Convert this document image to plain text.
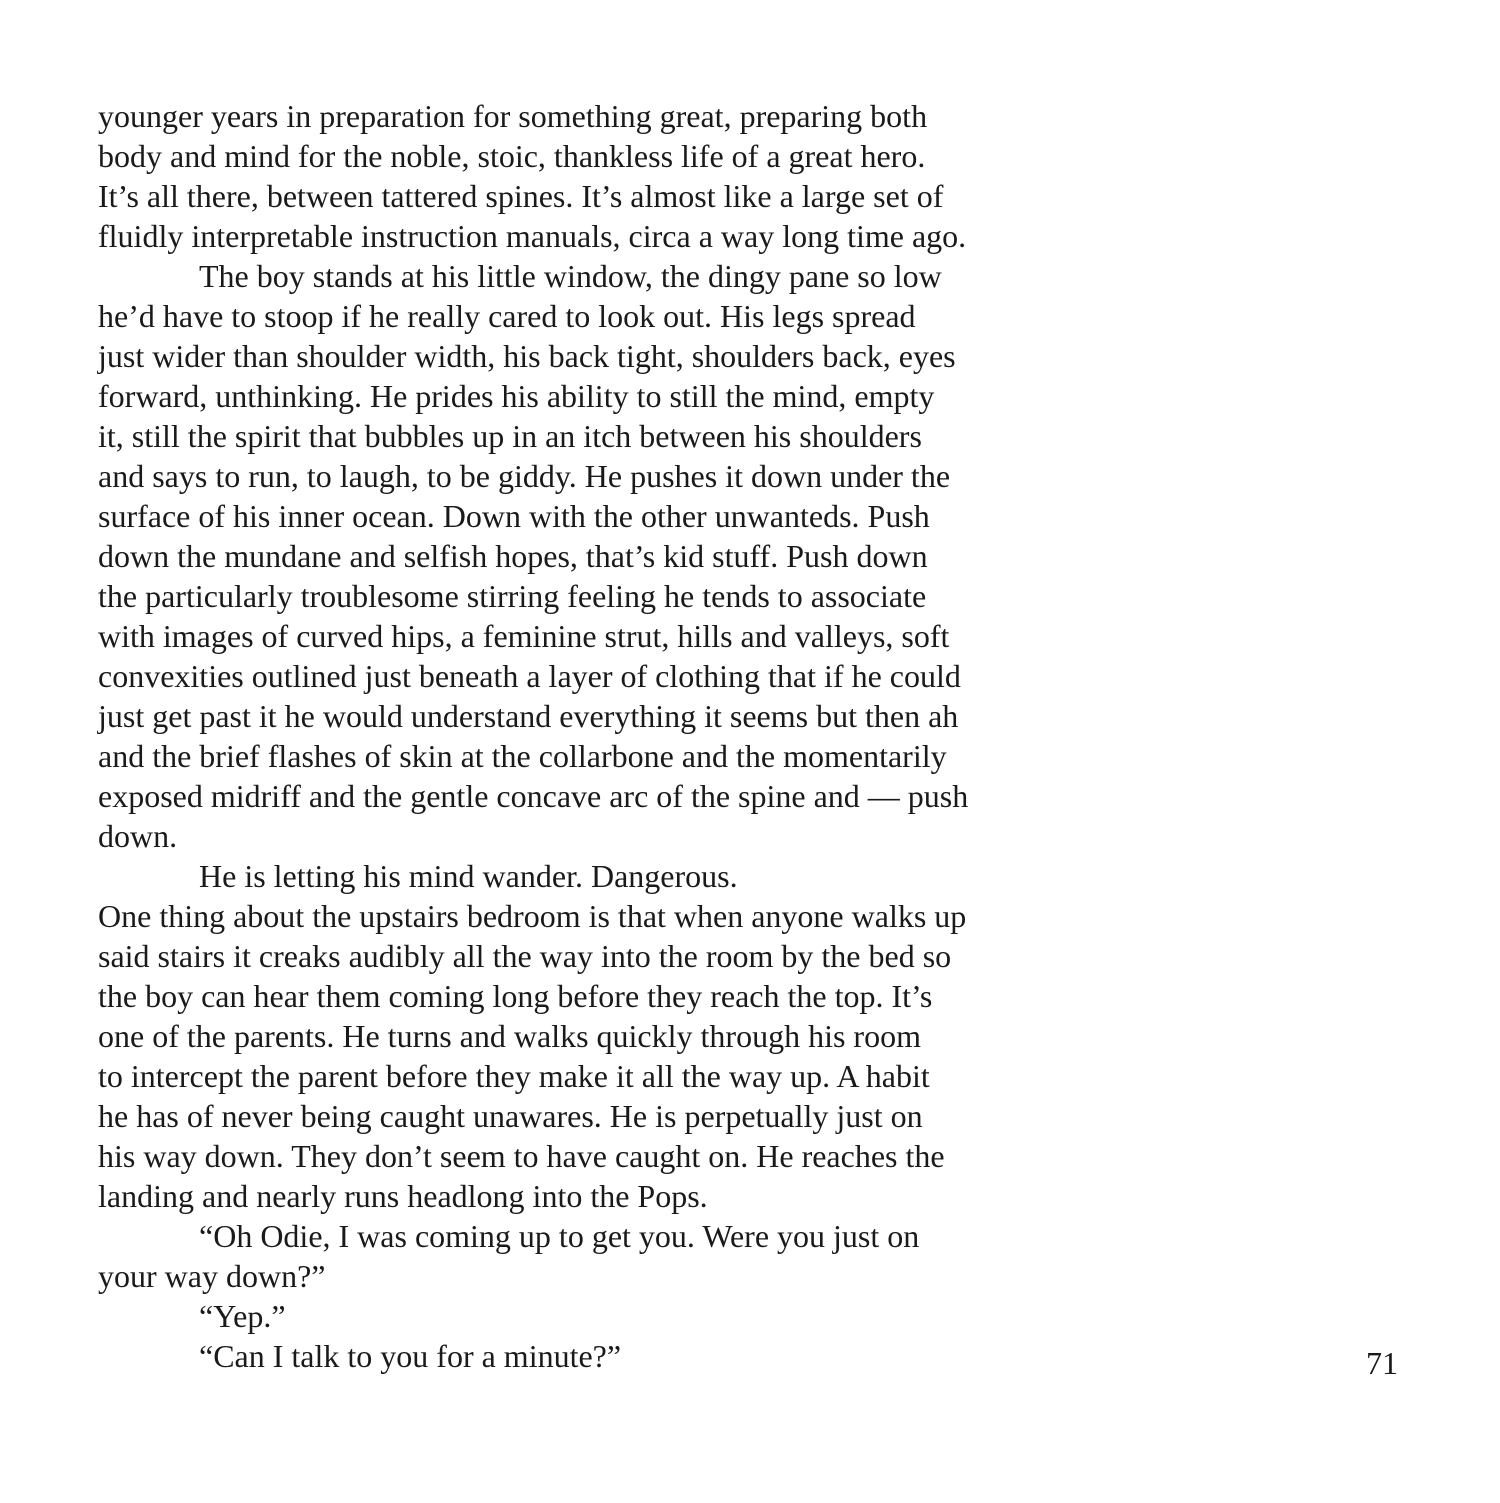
younger years in preparation for something great, preparing both
body and mind for the noble, stoic, thankless life of a great hero.
It’s all there, between tattered spines. It’s almost like a large set of
fluidly interpretable instruction manuals, circa a way long time ago.
The boy stands at his little window, the dingy pane so low
he’d have to stoop if he really cared to look out. His legs spread
just wider than shoulder width, his back tight, shoulders back, eyes
forward, unthinking. He prides his ability to still the mind, empty
it, still the spirit that bubbles up in an itch between his shoulders
and says to run, to laugh, to be giddy. He pushes it down under the
surface of his inner ocean. Down with the other unwanteds. Push
down the mundane and selfish hopes, that’s kid stuff. Push down
the particularly troublesome stirring feeling he tends to associate
with images of curved hips, a feminine strut, hills and valleys, soft
convexities outlined just beneath a layer of clothing that if he could
just get past it he would understand everything it seems but then ah
and the brief flashes of skin at the collarbone and the momentarily
exposed midriff and the gentle concave arc of the spine and — push
down.
He is letting his mind wander. Dangerous.
One thing about the upstairs bedroom is that when anyone walks up
said stairs it creaks audibly all the way into the room by the bed so
the boy can hear them coming long before they reach the top. It’s
one of the parents. He turns and walks quickly through his room
to intercept the parent before they make it all the way up. A habit
he has of never being caught unawares. He is perpetually just on
his way down. They don’t seem to have caught on. He reaches the
landing and nearly runs headlong into the Pops.
“Oh Odie, I was coming up to get you. Were you just on
your way down?”
“Yep.”
“Can I talk to you for a minute?”	71
